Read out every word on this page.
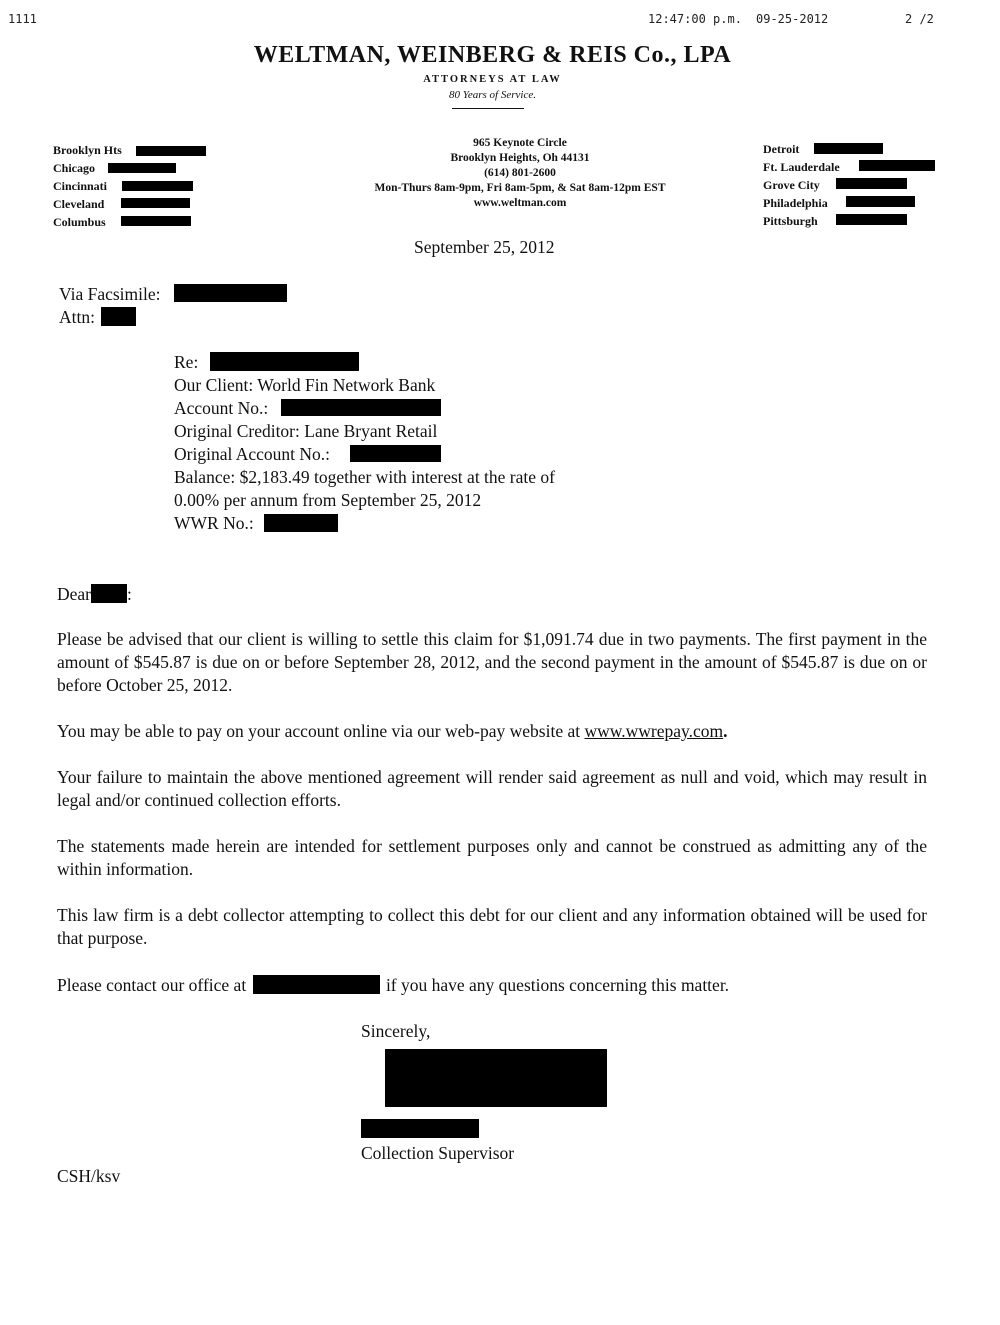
1111	12:47:00 p.m. 09-25-2012	2 /2
WELTMAN, WEINBERG & REIS Co., LPA
ATTORNEYS AT LAW
80 Years of Service.
Brooklyn Hts
Chicago
Cincinnati
Cleveland
Columbus
965 Keynote Circle
Brooklyn Heights, Oh 44131
(614) 801-2600
Mon-Thurs 8am-9pm, Fri 8am-5pm, & Sat 8am-12pm EST
www.weltman.com
Detroit
Ft. Lauderdale
Grove City
Philadelphia
Pittsburgh
September 25, 2012
Via Facsimile:
Attn:
Re:
Our Client: World Fin Network Bank
Account No.:
Original Creditor: Lane Bryant Retail
Original Account No.:
Balance: $2,183.49 together with interest at the rate of
0.00% per annum from September 25, 2012
WWR No.:
Dear :
Please be advised that our client is willing to settle this claim for $1,091.74 due in two payments. The first payment in the amount of $545.87 is due on or before September 28, 2012, and the second payment in the amount of $545.87 is due on or before October 25, 2012.
You may be able to pay on your account online via our web-pay website at www.wwrepay.com.
Your failure to maintain the above mentioned agreement will render said agreement as null and void, which may result in legal and/or continued collection efforts.
The statements made herein are intended for settlement purposes only and cannot be construed as admitting any of the within information.
This law firm is a debt collector attempting to collect this debt for our client and any information obtained will be used for that purpose.
Please contact our office at	if you have any questions concerning this matter.
Sincerely,
Collection Supervisor
CSH/ksv
